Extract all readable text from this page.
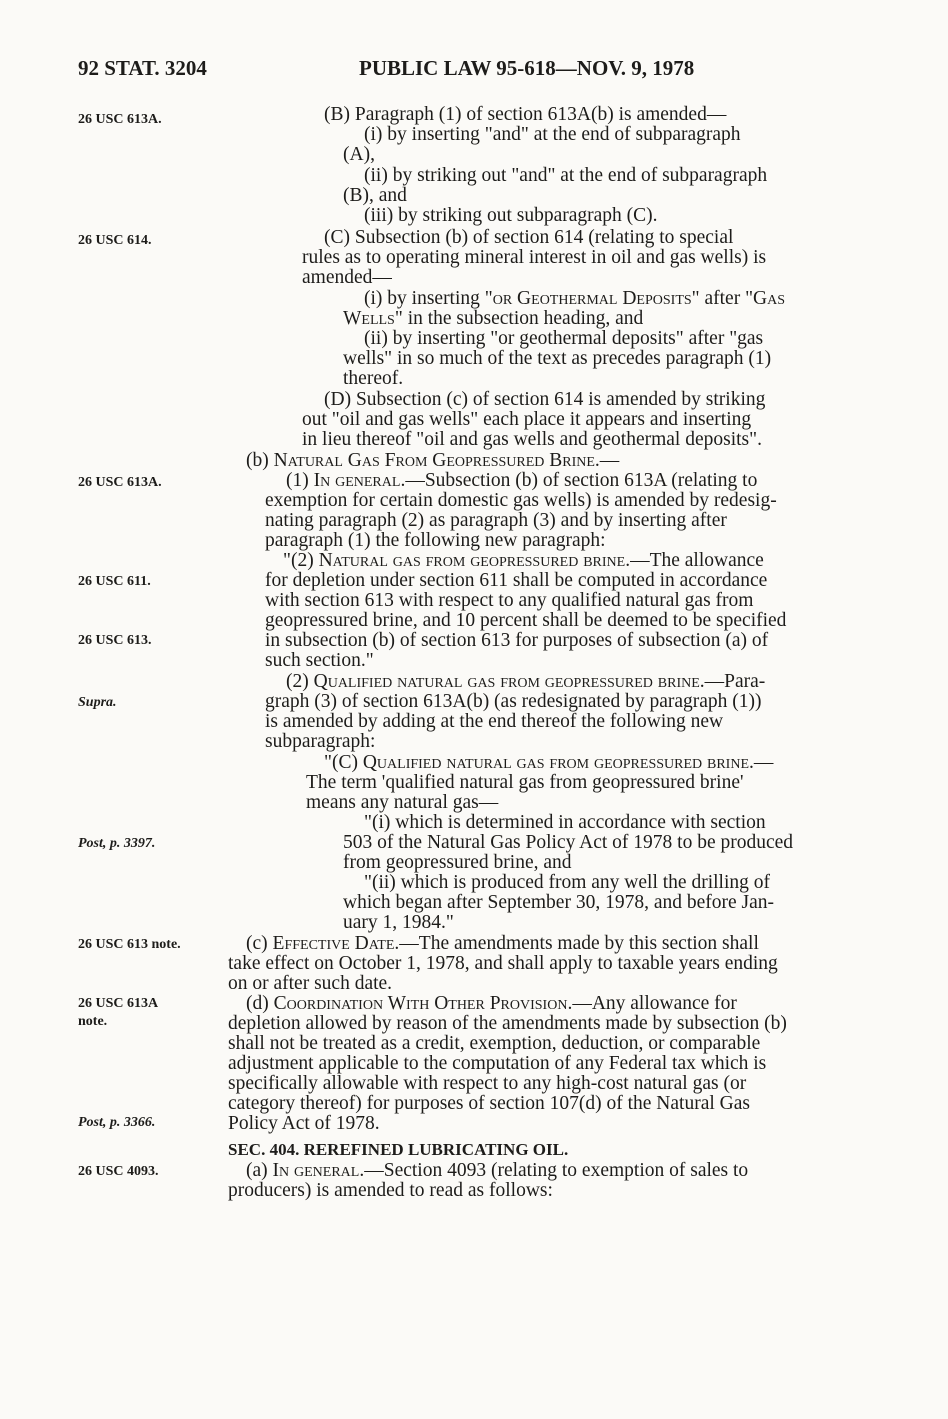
92 STAT. 3204	PUBLIC LAW 95-618—NOV. 9, 1978
26 USC 613A.
26 USC 614.
26 USC 613A.
26 USC 611.
26 USC 613.
Supra.
Post, p. 3397.
26 USC 613 note.
26 USC 613A
note.
Post, p. 3366.
26 USC 4093.
(B) Paragraph (1) of section 613A(b) is amended—
(i) by inserting "and" at the end of subparagraph
(A),
(ii) by striking out "and" at the end of subparagraph
(B), and
(iii) by striking out subparagraph (C).
(C) Subsection (b) of section 614 (relating to special
rules as to operating mineral interest in oil and gas wells) is
amended—
(i) by inserting "or Geothermal Deposits" after "Gas
Wells" in the subsection heading, and
(ii) by inserting "or geothermal deposits" after "gas
wells" in so much of the text as precedes paragraph (1)
thereof.
(D) Subsection (c) of section 614 is amended by striking
out "oil and gas wells" each place it appears and inserting
in lieu thereof "oil and gas wells and geothermal deposits".
(b) Natural Gas From Geopressured Brine.—
(1) In general.—Subsection (b) of section 613A (relating to
exemption for certain domestic gas wells) is amended by redesig-
nating paragraph (2) as paragraph (3) and by inserting after
paragraph (1) the following new paragraph:
"(2) Natural gas from geopressured brine.—The allowance
for depletion under section 611 shall be computed in accordance
with section 613 with respect to any qualified natural gas from
geopressured brine, and 10 percent shall be deemed to be specified
in subsection (b) of section 613 for purposes of subsection (a) of
such section."
(2) Qualified natural gas from geopressured brine.—Para-
graph (3) of section 613A(b) (as redesignated by paragraph (1))
is amended by adding at the end thereof the following new
subparagraph:
"(C) Qualified natural gas from geopressured brine.—
The term 'qualified natural gas from geopressured brine'
means any natural gas—
"(i) which is determined in accordance with section
503 of the Natural Gas Policy Act of 1978 to be produced
from geopressured brine, and
"(ii) which is produced from any well the drilling of
which began after September 30, 1978, and before Jan-
uary 1, 1984."
(c) Effective Date.—The amendments made by this section shall
take effect on October 1, 1978, and shall apply to taxable years ending
on or after such date.
(d) Coordination With Other Provision.—Any allowance for
depletion allowed by reason of the amendments made by subsection (b)
shall not be treated as a credit, exemption, deduction, or comparable
adjustment applicable to the computation of any Federal tax which is
specifically allowable with respect to any high-cost natural gas (or
category thereof) for purposes of section 107(d) of the Natural Gas
Policy Act of 1978.
SEC. 404. REREFINED LUBRICATING OIL.
(a) In general.—Section 4093 (relating to exemption of sales to
producers) is amended to read as follows:
